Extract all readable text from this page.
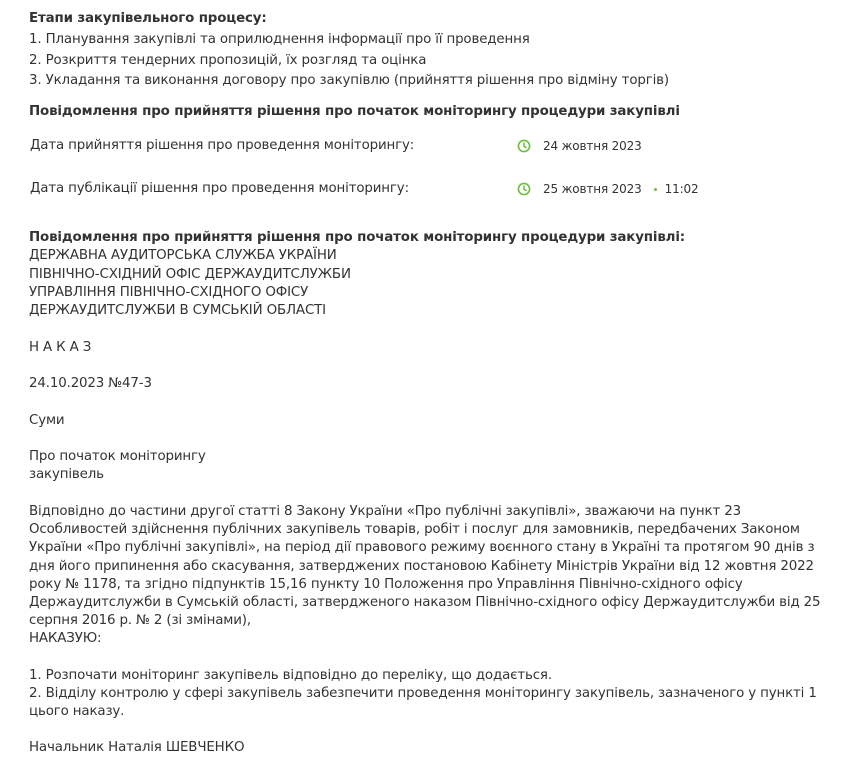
Етапи закупівельного процесу:
1. Планування закупівлі та оприлюднення інформації про її проведення
2. Розкриття тендерних пропозицій, їх розгляд та оцінка
3. Укладання та виконання договору про закупівлю (прийняття рішення про відміну торгів)
Повідомлення про прийняття рішення про початок моніторингу процедури закупівлі
Дата прийняття рішення про проведення моніторингу:	24 жовтня 2023
Дата публікації рішення про проведення моніторингу:	25 жовтня 2023 11:02
Повідомлення про прийняття рішення про початок моніторингу процедури закупівлі:
ДЕРЖАВНА АУДИТОРСЬКА СЛУЖБА УКРАЇНИ
ПІВНІЧНО-СХІДНИЙ ОФІС ДЕРЖАУДИТСЛУЖБИ
УПРАВЛІННЯ ПІВНІЧНО-СХІДНОГО ОФІСУ
ДЕРЖАУДИТСЛУЖБИ В СУМСЬКІЙ ОБЛАСТІ
Н А К А З
24.10.2023 №47-3
Суми
Про початок моніторингу
закупівель
Відповідно до частини другої статті 8 Закону України «Про публічні закупівлі», зважаючи на пункт 23 Особливостей здійснення публічних закупівель товарів, робіт і послуг для замовників, передбачених Законом України «Про публічні закупівлі», на період дії правового режиму воєнного стану в Україні та протягом 90 днів з дня його припинення або скасування, затверджених постановою Кабінету Міністрів України від 12 жовтня 2022 року № 1178, та згідно підпунктів 15,16 пункту 10 Положення про Управління Північно-східного офісу Держаудитслужби в Сумській області, затвердженого наказом Північно-східного офісу Держаудитслужби від 25 серпня 2016 р. № 2 (зі змінами),
НАКАЗУЮ:
1. Розпочати моніторинг закупівель відповідно до переліку, що додається.
2. Відділу контролю у сфері закупівель забезпечити проведення моніторингу закупівель, зазначеного у пункті 1 цього наказу.
Начальник Наталія ШЕВЧЕНКО
